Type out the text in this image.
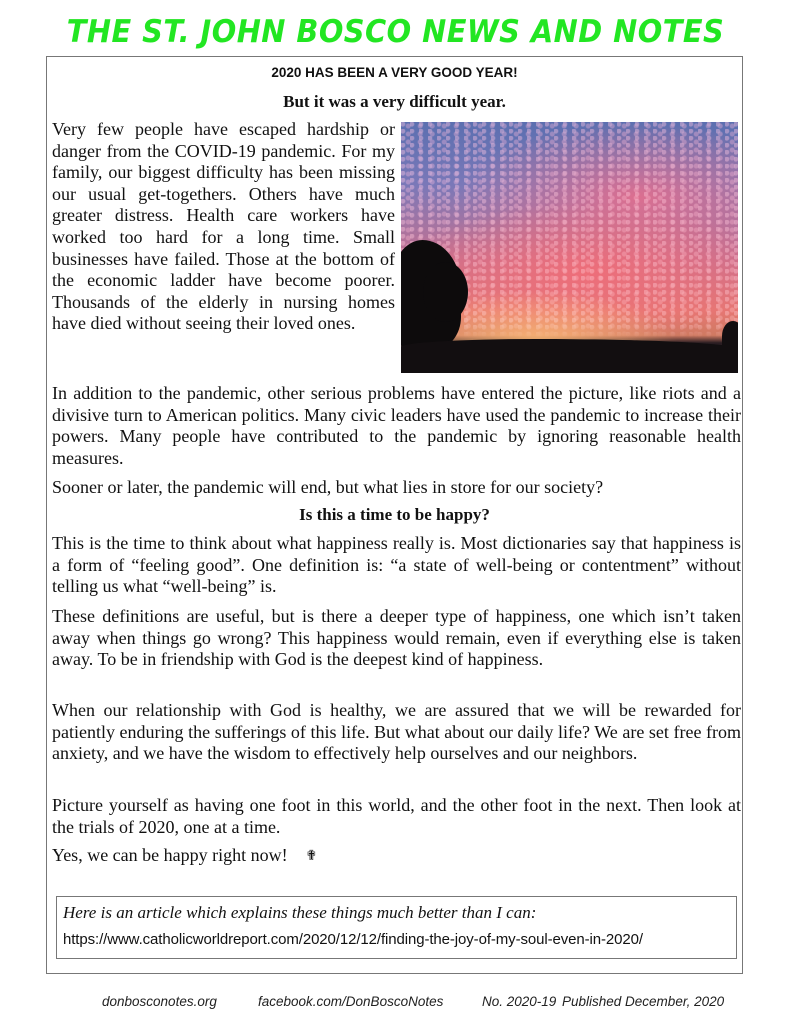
THE ST. JOHN BOSCO NEWS AND NOTES
2020 HAS BEEN A VERY GOOD YEAR!
But it was a very difficult year.

Very few people have escaped hardship or danger from the COVID-19 pandemic. For my family, our biggest difficulty has been missing our usual get-togethers. Others have much greater distress. Health care workers have worked too hard for a long time. Small businesses have failed. Those at the bottom of the economic ladder have become poorer. Thousands of the elderly in nursing homes have died without seeing their loved ones.

In addition to the pandemic, other serious problems have entered the picture, like riots and a divisive turn to American politics. Many civic leaders have used the pandemic to increase their powers. Many people have contributed to the pandemic by ignoring reasonable health measures.

Sooner or later, the pandemic will end, but what lies in store for our society?

Is this a time to be happy?

This is the time to think about what happiness really is. Most dictionaries say that happiness is a form of “feeling good”. One definition is: “a state of well-being or contentment” without telling us what “well-being” is.

These definitions are useful, but is there a deeper type of happiness, one which isn’t taken away when things go wrong? This happiness would remain, even if everything else is taken away. To be in friendship with God is the deepest kind of happiness.

When our relationship with God is healthy, we are assured that we will be rewarded for patiently enduring the sufferings of this life. But what about our daily life? We are set free from anxiety, and we have the wisdom to effectively help ourselves and our neighbors.

Picture yourself as having one foot in this world, and the other foot in the next. Then look at the trials of 2020, one at a time.

Yes, we can be happy right now! ✟

Here is an article which explains these things much better than I can:
https://www.catholicworldreport.com/2020/12/12/finding-the-joy-of-my-soul-even-in-2020/
donbosconotes.org	facebook.com/DonBoscoNotes	No. 2020-19 Published December, 2020
